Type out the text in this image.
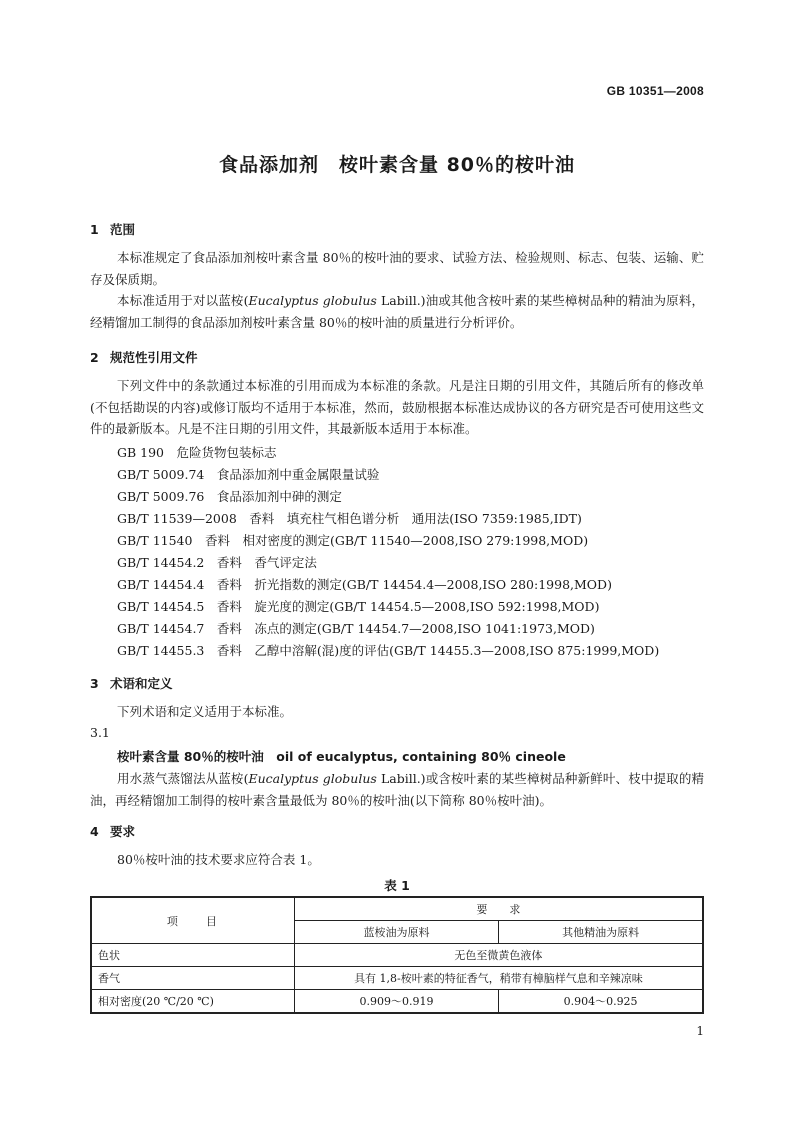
GB 10351—2008
食品添加剂　桉叶素含量 80％的桉叶油
1 范围
本标准规定了食品添加剂桉叶素含量 80％的桉叶油的要求、试验方法、检验规则、标志、包装、运输、贮存及保质期。
本标准适用于对以蓝桉(Eucalyptus globulus Labill.)油或其他含桉叶素的某些樟树品种的精油为原料，经精馏加工制得的食品添加剂桉叶素含量 80％的桉叶油的质量进行分析评价。
2 规范性引用文件
下列文件中的条款通过本标准的引用而成为本标准的条款。凡是注日期的引用文件，其随后所有的修改单(不包括勘误的内容)或修订版均不适用于本标准，然而，鼓励根据本标准达成协议的各方研究是否可使用这些文件的最新版本。凡是不注日期的引用文件，其最新版本适用于本标准。
GB 190　危险货物包装标志
GB/T 5009.74　食品添加剂中重金属限量试验
GB/T 5009.76　食品添加剂中砷的测定
GB/T 11539—2008　香料　填充柱气相色谱分析　通用法(ISO 7359:1985,IDT)
GB/T 11540　香料　相对密度的测定(GB/T 11540—2008,ISO 279:1998,MOD)
GB/T 14454.2　香料　香气评定法
GB/T 14454.4　香料　折光指数的测定(GB/T 14454.4—2008,ISO 280:1998,MOD)
GB/T 14454.5　香料　旋光度的测定(GB/T 14454.5—2008,ISO 592:1998,MOD)
GB/T 14454.7　香料　冻点的测定(GB/T 14454.7—2008,ISO 1041:1973,MOD)
GB/T 14455.3　香料　乙醇中溶解(混)度的评估(GB/T 14455.3—2008,ISO 875:1999,MOD)
3 术语和定义
下列术语和定义适用于本标准。
3.1
桉叶素含量 80％的桉叶油　oil of eucalyptus, containing 80％ cineole
用水蒸气蒸馏法从蓝桉(Eucalyptus globulus Labill.)或含桉叶素的某些樟树品种新鲜叶、枝中提取的精油，再经精馏加工制得的桉叶素含量最低为 80％的桉叶油(以下简称 80％桉叶油)。
4 要求
80％桉叶油的技术要求应符合表 1。
表 1
项　　目	要　　求	
	蓝桉油为原料	其他精油为原料
色状	无色至微黄色液体	
香气	具有 1,8-桉叶素的特征香气，稍带有樟脑样气息和辛辣凉味	
相对密度(20 ℃/20 ℃)	0.909～0.919	0.904～0.925
1
